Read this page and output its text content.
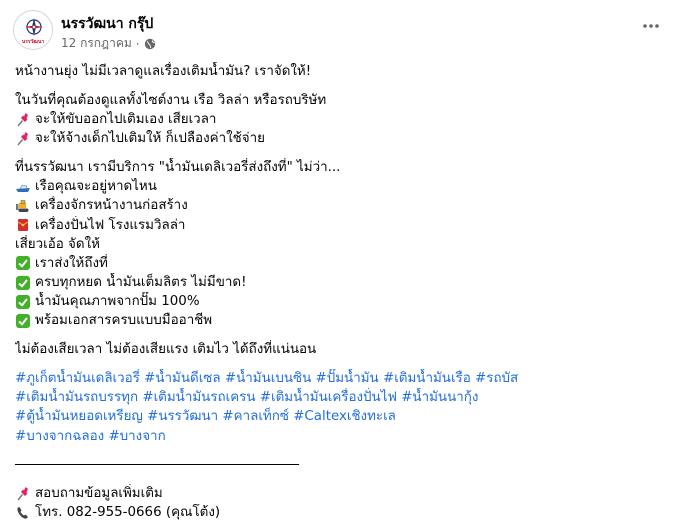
นรรวัฒนา
นรรวัฒนา กรุ๊ป
12 กรกฎาคม ·
หน้างานยุ่ง ไม่มีเวลาดูแลเรื่องเติมน้ำมัน? เราจัดให้!
ในวันที่คุณต้องดูแลทั้งไซต์งาน เรือ วิลล่า หรือรถบริษัท
จะให้ขับออกไปเติมเอง เสียเวลา
จะให้จ้างเด็กไปเติมให้ ก็เปลืองค่าใช้จ่าย
ที่นรรวัฒนา เรามีบริการ "น้ำมันเดลิเวอรี่ส่งถึงที่" ไม่ว่า...
เรือคุณจะอยู่หาดไหน
เครื่องจักรหน้างานก่อสร้าง
เครื่องปั่นไฟ โรงแรมวิลล่า
เสี่ยวเอ้อ จัดให้
เราส่งให้ถึงที่
ครบทุกหยด น้ำมันเต็มลิตร ไม่มีขาด!
น้ำมันคุณภาพจากปั๊ม 100%
พร้อมเอกสารครบแบบมืออาชีพ
ไม่ต้องเสียเวลา ไม่ต้องเสียแรง เติมไว ได้ถึงที่แน่นอน
#ภูเก็ตน้ำมันเดลิเวอรี่
#น้ำมันดีเซล
#น้ำมันเบนซิน
#ปั๊มน้ำมัน
#เติมน้ำมันเรือ
#รถบัส
#เติมน้ำมันรถบรรทุก
#เติมน้ำมันรถเครน
#เติมน้ำมันเครื่องปั่นไฟ
#น้ำมันนากุ้ง
#ตู้น้ำมันหยอดเหรียญ
#นรรวัฒนา
#คาลเท็กซ์
#Caltexเชิงทะเล
#บางจากฉลอง
#บางจาก
สอบถามข้อมูลเพิ่มเติม
โทร. 082-955-0666 (คุณโต้ง)
